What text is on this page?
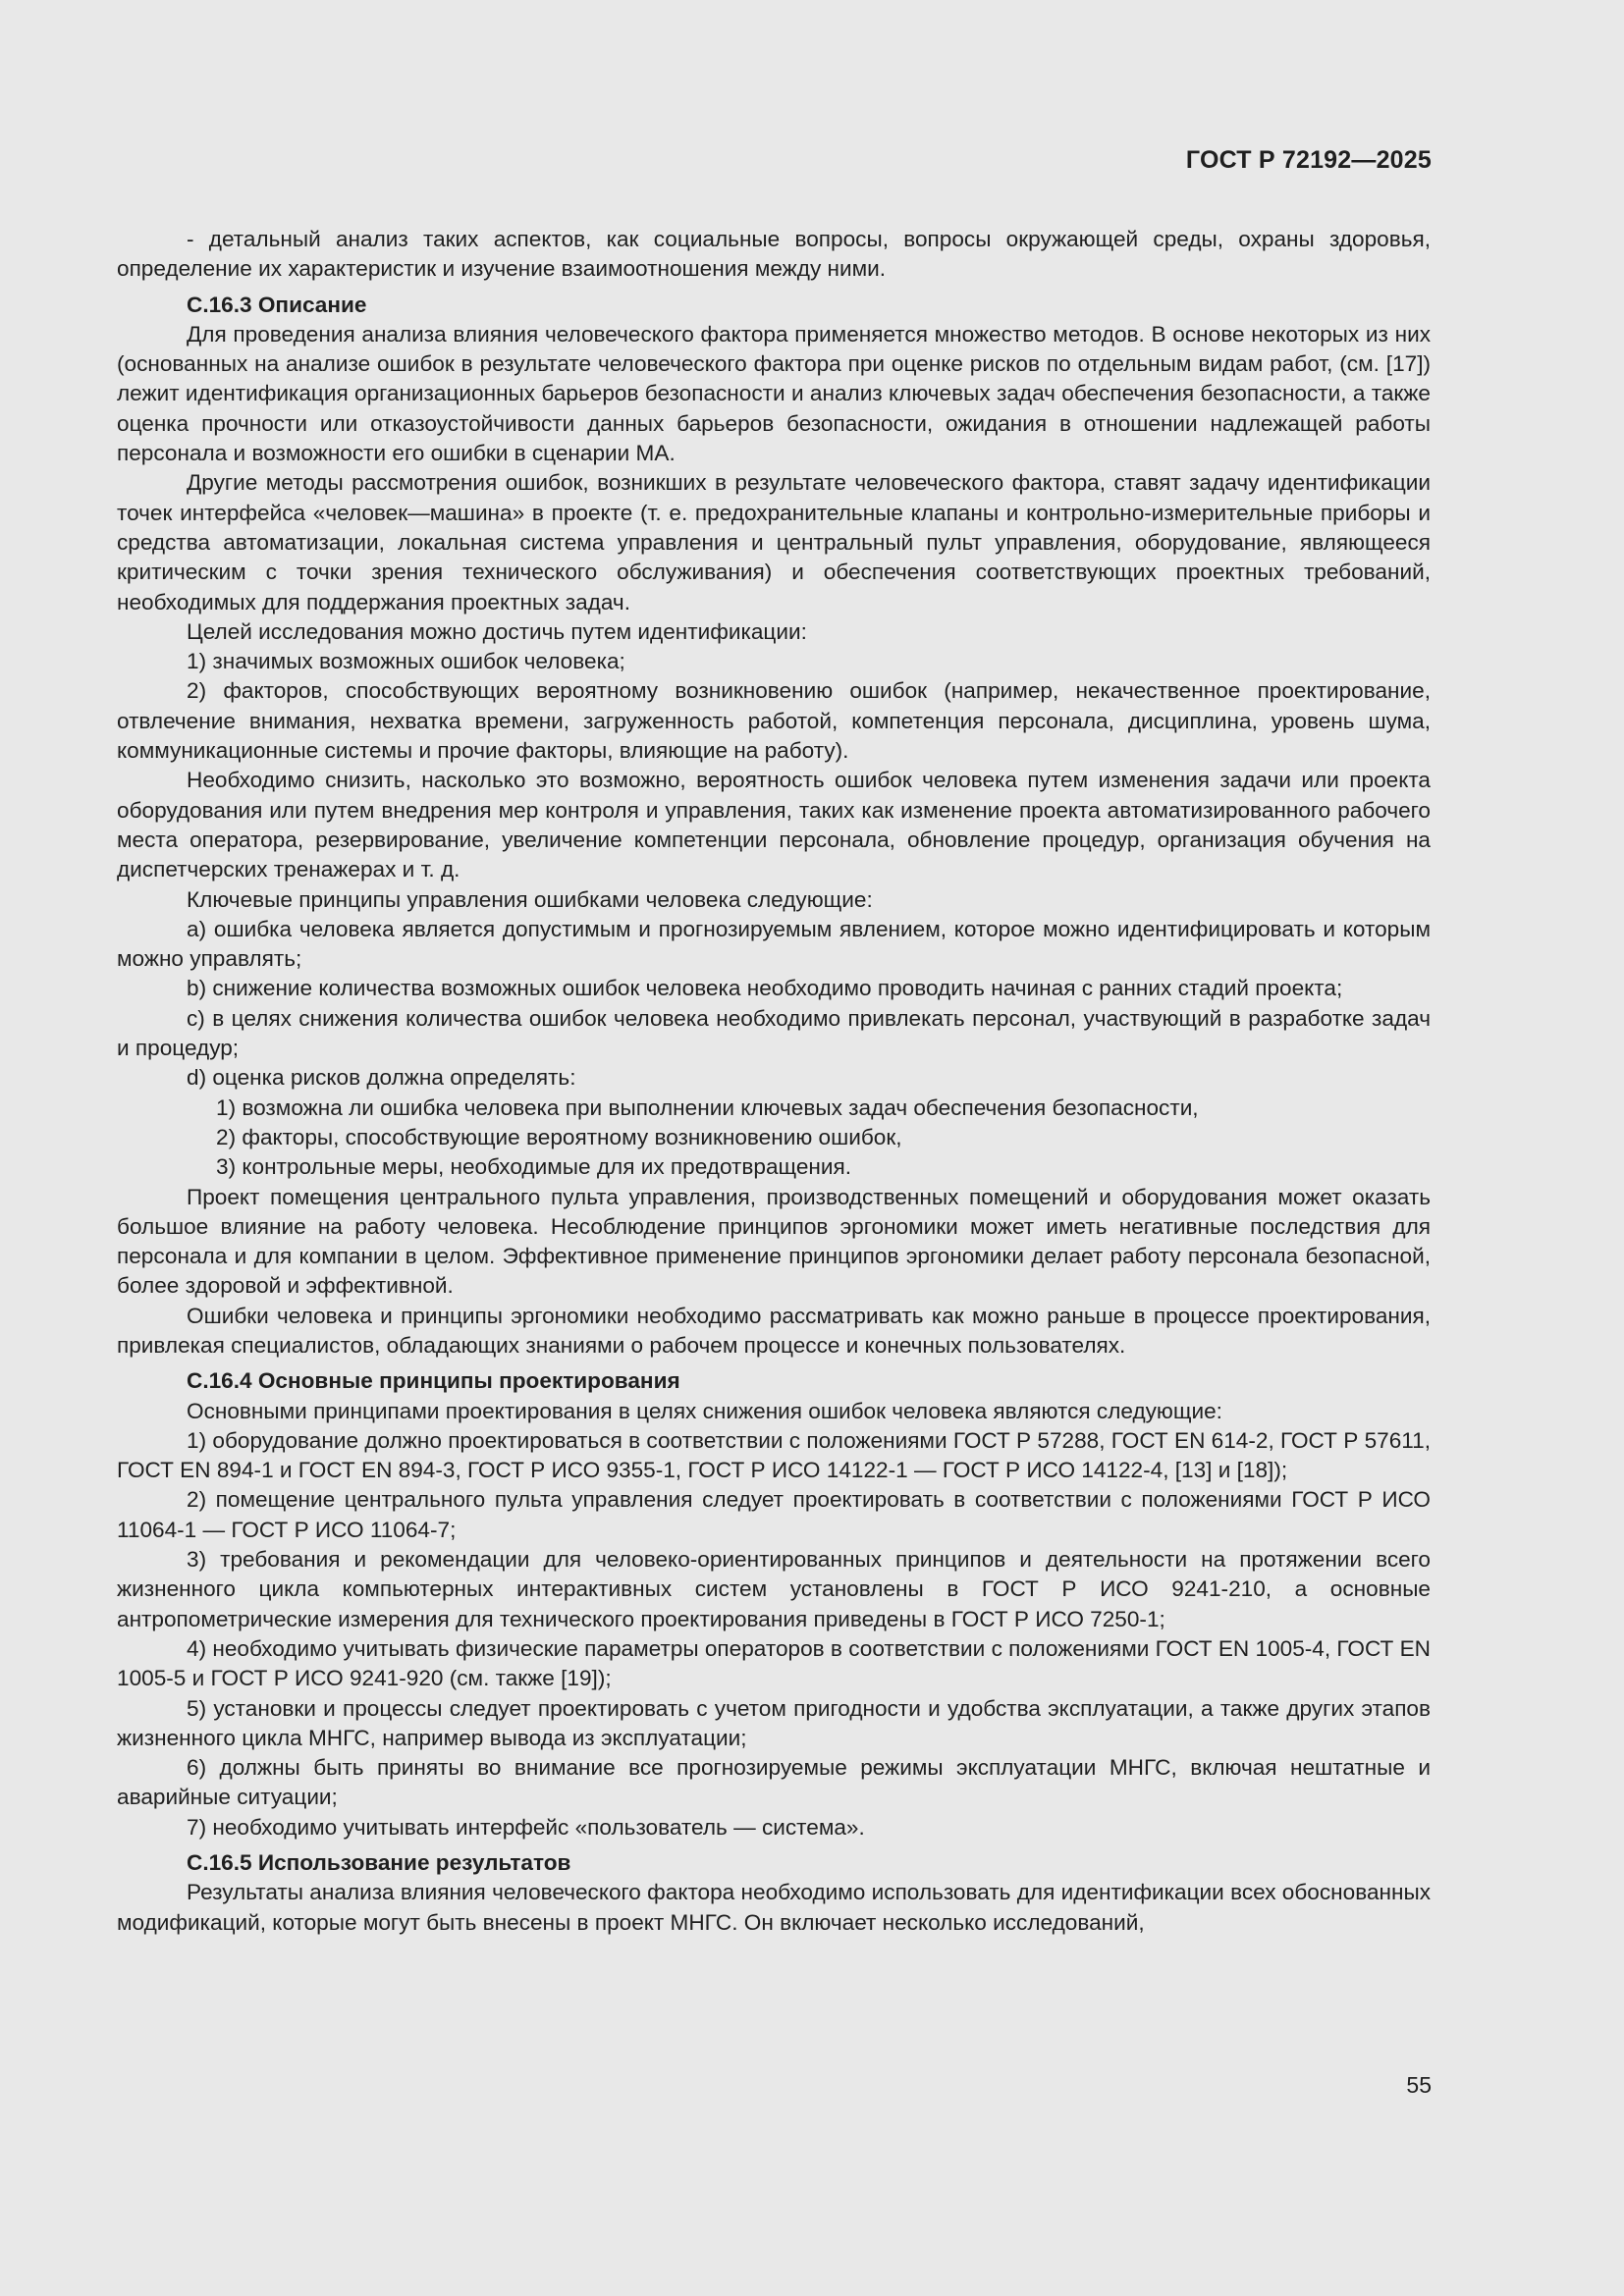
ГОСТ Р 72192—2025

- детальный анализ таких аспектов, как социальные вопросы, вопросы окружающей среды, охраны здоровья, определение их характеристик и изучение взаимоотношения между ними.

С.16.3 Описание

Для проведения анализа влияния человеческого фактора применяется множество методов. В основе некоторых из них (основанных на анализе ошибок в результате человеческого фактора при оценке рисков по отдельным видам работ, (см. [17]) лежит идентификация организационных барьеров безопасности и анализ ключевых задач обеспечения безопасности, а также оценка прочности или отказоустойчивости данных барьеров безопасности, ожидания в отношении надлежащей работы персонала и возможности его ошибки в сценарии МА.

Другие методы рассмотрения ошибок, возникших в результате человеческого фактора, ставят задачу идентификации точек интерфейса «человек—машина» в проекте (т. е. предохранительные клапаны и контрольно-измерительные приборы и средства автоматизации, локальная система управления и центральный пульт управления, оборудование, являющееся критическим с точки зрения технического обслуживания) и обеспечения соответствующих проектных требований, необходимых для поддержания проектных задач.

Целей исследования можно достичь путем идентификации:

1) значимых возможных ошибок человека;

2) факторов, способствующих вероятному возникновению ошибок (например, некачественное проектирование, отвлечение внимания, нехватка времени, загруженность работой, компетенция персонала, дисциплина, уровень шума, коммуникационные системы и прочие факторы, влияющие на работу).

Необходимо снизить, насколько это возможно, вероятность ошибок человека путем изменения задачи или проекта оборудования или путем внедрения мер контроля и управления, таких как изменение проекта автоматизированного рабочего места оператора, резервирование, увеличение компетенции персонала, обновление процедур, организация обучения на диспетчерских тренажерах и т. д.

Ключевые принципы управления ошибками человека следующие:

a) ошибка человека является допустимым и прогнозируемым явлением, которое можно идентифицировать и которым можно управлять;

b) снижение количества возможных ошибок человека необходимо проводить начиная с ранних стадий проекта;

c) в целях снижения количества ошибок человека необходимо привлекать персонал, участвующий в разработке задач и процедур;

d) оценка рисков должна определять:

1) возможна ли ошибка человека при выполнении ключевых задач обеспечения безопасности,

2) факторы, способствующие вероятному возникновению ошибок,

3) контрольные меры, необходимые для их предотвращения.

Проект помещения центрального пульта управления, производственных помещений и оборудования может оказать большое влияние на работу человека. Несоблюдение принципов эргономики может иметь негативные последствия для персонала и для компании в целом. Эффективное применение принципов эргономики делает работу персонала безопасной, более здоровой и эффективной.

Ошибки человека и принципы эргономики необходимо рассматривать как можно раньше в процессе проектирования, привлекая специалистов, обладающих знаниями о рабочем процессе и конечных пользователях.

С.16.4 Основные принципы проектирования

Основными принципами проектирования в целях снижения ошибок человека являются следующие:

1) оборудование должно проектироваться в соответствии с положениями ГОСТ Р 57288, ГОСТ EN 614-2, ГОСТ Р 57611, ГОСТ EN 894-1 и ГОСТ EN 894-3, ГОСТ Р ИСО 9355-1, ГОСТ Р ИСО 14122-1 — ГОСТ Р ИСО 14122-4, [13] и [18]);

2) помещение центрального пульта управления следует проектировать в соответствии с положениями ГОСТ Р ИСО 11064-1 — ГОСТ Р ИСО 11064-7;

3) требования и рекомендации для человеко-ориентированных принципов и деятельности на протяжении всего жизненного цикла компьютерных интерактивных систем установлены в ГОСТ Р ИСО 9241-210, а основные антропометрические измерения для технического проектирования приведены в ГОСТ Р ИСО 7250-1;

4) необходимо учитывать физические параметры операторов в соответствии с положениями ГОСТ EN 1005-4, ГОСТ EN 1005-5 и ГОСТ Р ИСО 9241-920 (см. также [19]);

5) установки и процессы следует проектировать с учетом пригодности и удобства эксплуатации, а также других этапов жизненного цикла МНГС, например вывода из эксплуатации;

6) должны быть приняты во внимание все прогнозируемые режимы эксплуатации МНГС, включая нештатные и аварийные ситуации;

7) необходимо учитывать интерфейс «пользователь — система».

С.16.5 Использование результатов

Результаты анализа влияния человеческого фактора необходимо использовать для идентификации всех обоснованных модификаций, которые могут быть внесены в проект МНГС. Он включает несколько исследований,

55
